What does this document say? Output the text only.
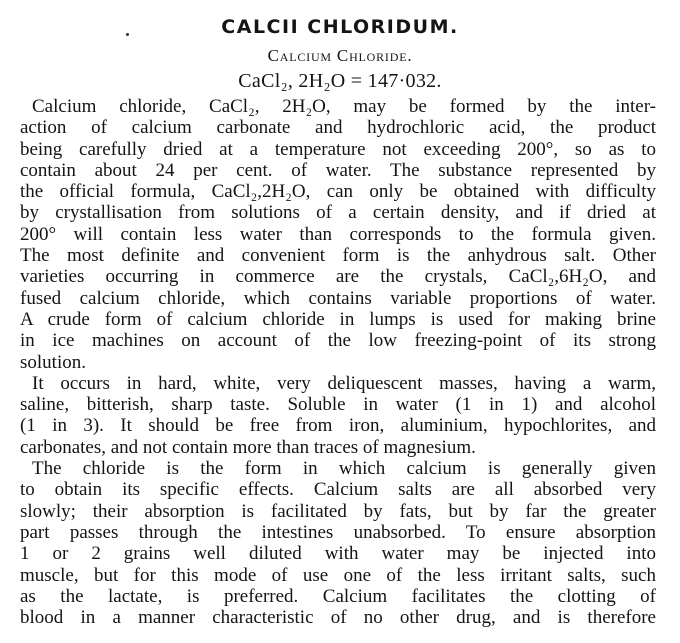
CALCII CHLORIDUM.
Calcium Chloride.
CaCl₂, 2H₂O = 147·032.
Calcium chloride, CaCl₂, 2H₂O, may be formed by the inter-
action of calcium carbonate and hydrochloric acid, the product
being carefully dried at a temperature not exceeding 200°, so as to
contain about 24 per cent. of water. The substance represented by
the official formula, CaCl₂,2H₂O, can only be obtained with difficulty
by crystallisation from solutions of a certain density, and if dried at
200° will contain less water than corresponds to the formula given.
The most definite and convenient form is the anhydrous salt. Other
varieties occurring in commerce are the crystals, CaCl₂,6H₂O, and
fused calcium chloride, which contains variable proportions of water.
A crude form of calcium chloride in lumps is used for making brine
in ice machines on account of the low freezing-point of its strong
solution.
It occurs in hard, white, very deliquescent masses, having a warm,
saline, bitterish, sharp taste. Soluble in water (1 in 1) and alcohol
(1 in 3). It should be free from iron, aluminium, hypochlorites, and
carbonates, and not contain more than traces of magnesium.
The chloride is the form in which calcium is generally given
to obtain its specific effects. Calcium salts are all absorbed very
slowly; their absorption is facilitated by fats, but by far the greater
part passes through the intestines unabsorbed. To ensure absorption
1 or 2 grains well diluted with water may be injected into
muscle, but for this mode of use one of the less irritant salts, such
as the lactate, is preferred. Calcium facilitates the clotting of
blood in a manner characteristic of no other drug, and is therefore
